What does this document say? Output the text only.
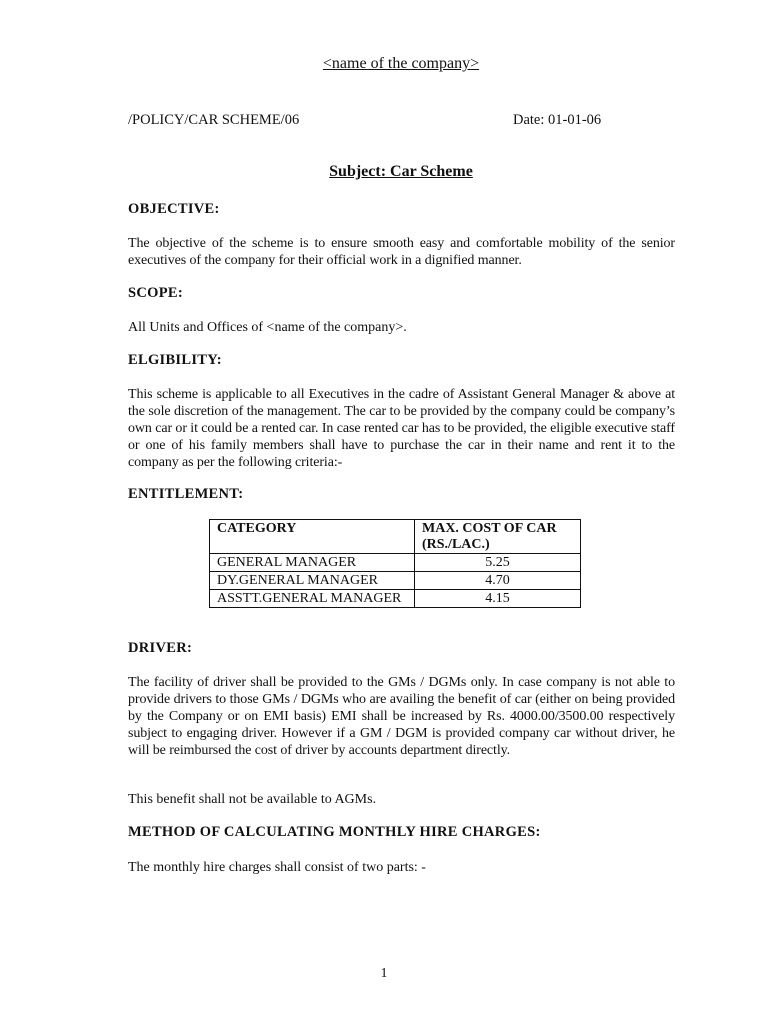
<name of the company>
/POLICY/CAR SCHEME/06	Date: 01-01-06
Subject: Car Scheme
OBJECTIVE:
The objective of the scheme is to ensure smooth easy and comfortable mobility of the senior executives of the company for their official work in a dignified manner.
SCOPE:
All Units and Offices of <name of the company>.
ELGIBILITY:
This scheme is applicable to all Executives in the cadre of Assistant General Manager & above at the sole discretion of the management. The car to be provided by the company could be company’s own car or it could be a rented car. In case rented car has to be provided, the eligible executive staff or one of his family members shall have to purchase the car in their name and rent it to the company as per the following criteria:-
ENTITLEMENT:
CATEGORY	MAX. COST OF CAR (RS./LAC.)
GENERAL MANAGER	5.25
DY.GENERAL MANAGER	4.70
ASSTT.GENERAL MANAGER	4.15
DRIVER:
The facility of driver shall be provided to the GMs / DGMs only. In case company is not able to provide drivers to those GMs / DGMs who are availing the benefit of car (either on being provided by the Company or on EMI basis) EMI shall be increased by Rs. 4000.00/3500.00 respectively subject to engaging driver. However if a GM / DGM is provided company car without driver, he will be reimbursed the cost of driver by accounts department directly.
This benefit shall not be available to AGMs.
METHOD OF CALCULATING MONTHLY HIRE CHARGES:
The monthly hire charges shall consist of two parts: -
1
